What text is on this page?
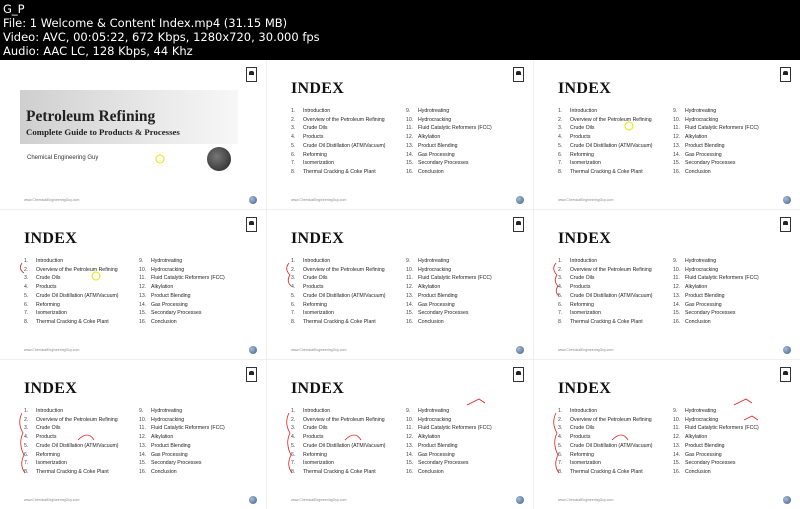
G_P
File: 1 Welcome & Content Index.mp4 (31.15 MB)
Video: AVC, 00:05:22, 672 Kbps, 1280x720, 30.000 fps
Audio: AAC LC, 128 Kbps, 44 Khz
Petroleum Refining
Complete Guide to Products & Processes
Chemical Engineering Guy
www.ChemicalEngineeringGuy.com
INDEX
1. Introduction
2. Overview of the Petroleum Refining
3. Crude Oils
4. Products
5. Crude Oil Distillation (ATM/Vacuum)
6. Reforming
7. Isomerization
8. Thermal Cracking & Coke Plant
9. Hydrotreating
10. Hydrocracking
11. Fluid Catalytic Reformers (FCC)
12. Alkylation
13. Product Blending
14. Gas Processing
15. Secondary Processes
16. Conclusion
www.ChemicalEngineeringGuy.com
INDEX
1. Introduction
2. Overview of the Petroleum Refining
3. Crude Oils
4. Products
5. Crude Oil Distillation (ATM/Vacuum)
6. Reforming
7. Isomerization
8. Thermal Cracking & Coke Plant
9. Hydrotreating
10. Hydrocracking
11. Fluid Catalytic Reformers (FCC)
12. Alkylation
13. Product Blending
14. Gas Processing
15. Secondary Processes
16. Conclusion
www.ChemicalEngineeringGuy.com
INDEX
1. Introduction
2. Overview of the Petroleum Refining
3. Crude Oils
4. Products
5. Crude Oil Distillation (ATM/Vacuum)
6. Reforming
7. Isomerization
8. Thermal Cracking & Coke Plant
9. Hydrotreating
10. Hydrocracking
11. Fluid Catalytic Reformers (FCC)
12. Alkylation
13. Product Blending
14. Gas Processing
15. Secondary Processes
16. Conclusion
www.ChemicalEngineeringGuy.com
INDEX
1. Introduction
2. Overview of the Petroleum Refining
3. Crude Oils
4. Products
5. Crude Oil Distillation (ATM/Vacuum)
6. Reforming
7. Isomerization
8. Thermal Cracking & Coke Plant
9. Hydrotreating
10. Hydrocracking
11. Fluid Catalytic Reformers (FCC)
12. Alkylation
13. Product Blending
14. Gas Processing
15. Secondary Processes
16. Conclusion
www.ChemicalEngineeringGuy.com
INDEX
1. Introduction
2. Overview of the Petroleum Refining
3. Crude Oils
4. Products
5. Crude Oil Distillation (ATM/Vacuum)
6. Reforming
7. Isomerization
8. Thermal Cracking & Coke Plant
9. Hydrotreating
10. Hydrocracking
11. Fluid Catalytic Reformers (FCC)
12. Alkylation
13. Product Blending
14. Gas Processing
15. Secondary Processes
16. Conclusion
www.ChemicalEngineeringGuy.com
INDEX
1. Introduction
2. Overview of the Petroleum Refining
3. Crude Oils
4. Products
5. Crude Oil Distillation (ATM/Vacuum)
6. Reforming
7. Isomerization
8. Thermal Cracking & Coke Plant
9. Hydrotreating
10. Hydrocracking
11. Fluid Catalytic Reformers (FCC)
12. Alkylation
13. Product Blending
14. Gas Processing
15. Secondary Processes
16. Conclusion
www.ChemicalEngineeringGuy.com
INDEX
1. Introduction
2. Overview of the Petroleum Refining
3. Crude Oils
4. Products
5. Crude Oil Distillation (ATM/Vacuum)
6. Reforming
7. Isomerization
8. Thermal Cracking & Coke Plant
9. Hydrotreating
10. Hydrocracking
11. Fluid Catalytic Reformers (FCC)
12. Alkylation
13. Product Blending
14. Gas Processing
15. Secondary Processes
16. Conclusion
www.ChemicalEngineeringGuy.com
INDEX
1. Introduction
2. Overview of the Petroleum Refining
3. Crude Oils
4. Products
5. Crude Oil Distillation (ATM/Vacuum)
6. Reforming
7. Isomerization
8. Thermal Cracking & Coke Plant
9. Hydrotreating
10. Hydrocracking
11. Fluid Catalytic Reformers (FCC)
12. Alkylation
13. Product Blending
14. Gas Processing
15. Secondary Processes
16. Conclusion
www.ChemicalEngineeringGuy.com
